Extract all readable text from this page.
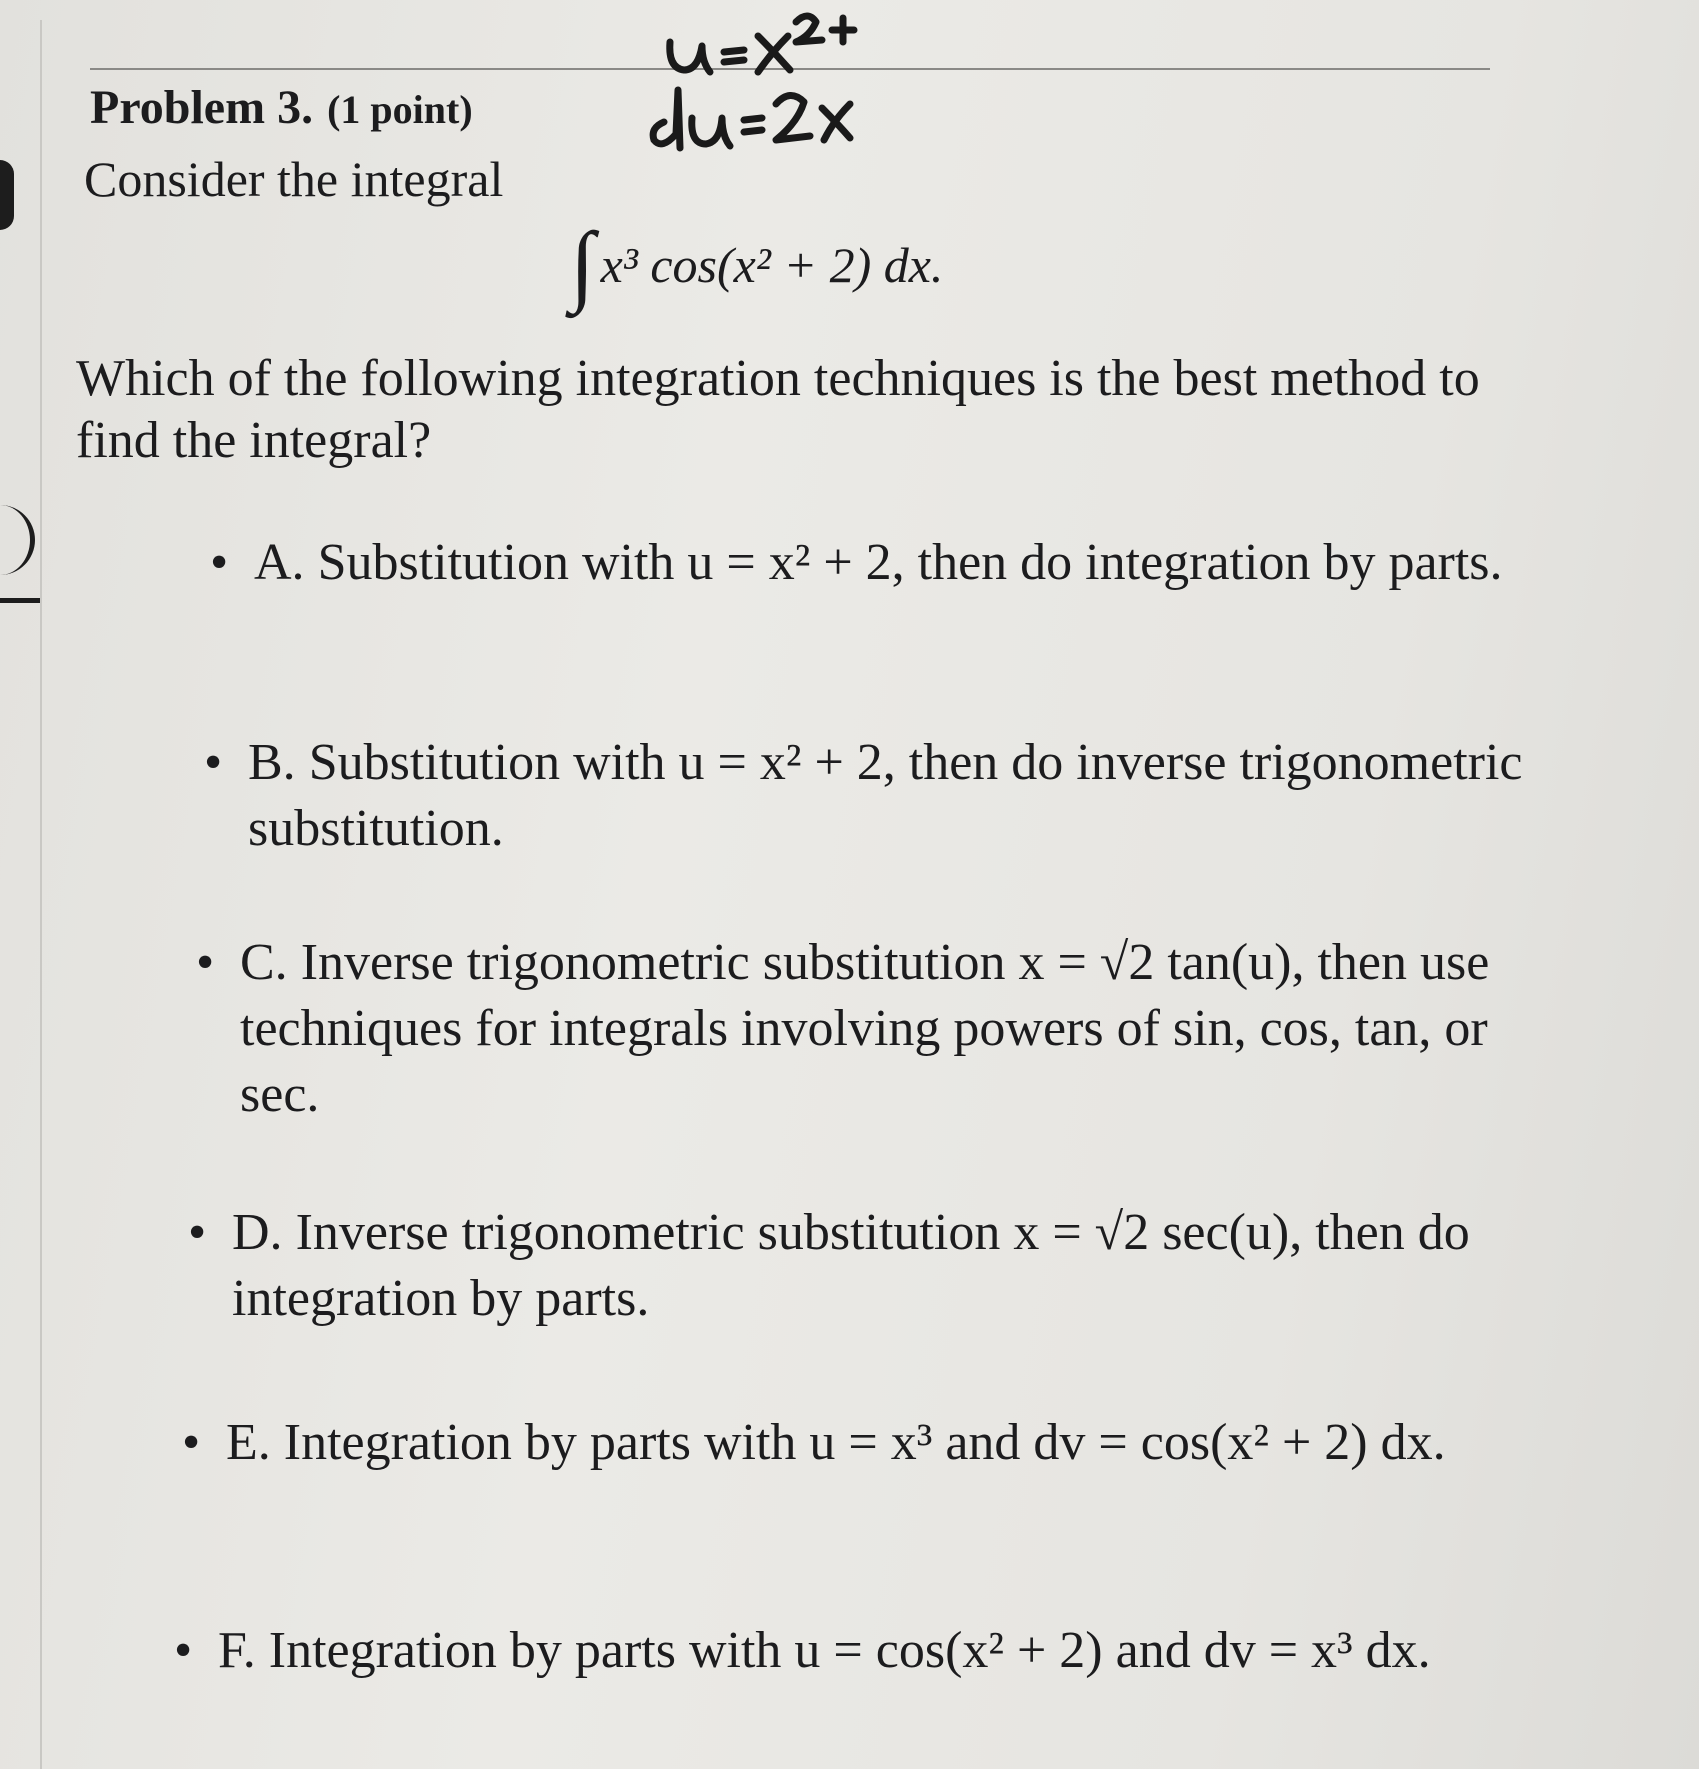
Problem 3. (1 point)
Consider the integral
∫ x³ cos(x² + 2) dx.
Which of the following integration techniques is the best method to find the integral?
• A. Substitution with u = x² + 2, then do integration by parts.
• B. Substitution with u = x² + 2, then do inverse trigonometric substitution.
• C. Inverse trigonometric substitution x = √2 tan(u), then use techniques for integrals involving powers of sin, cos, tan, or sec.
• D. Inverse trigonometric substitution x = √2 sec(u), then do integration by parts.
• E. Integration by parts with u = x³ and dv = cos(x² + 2) dx.
• F. Integration by parts with u = cos(x² + 2) and dv = x³ dx.
